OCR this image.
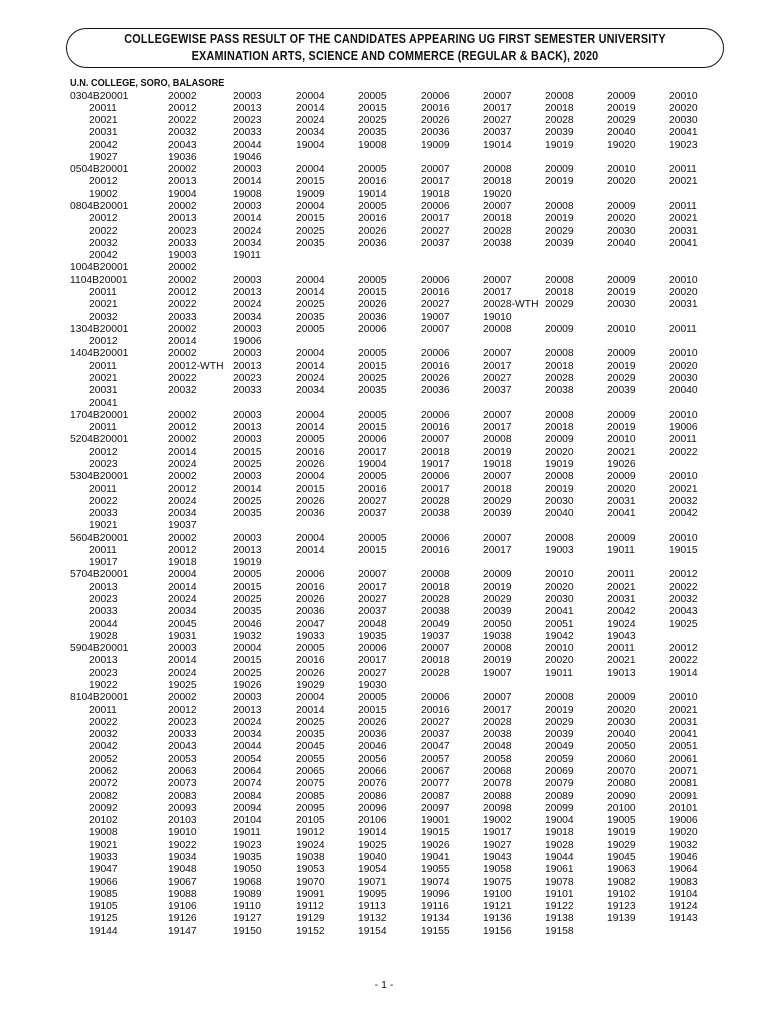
COLLEGEWISE PASS RESULT OF THE CANDIDATES APPEARING UG FIRST SEMESTER UNIVERSITY
EXAMINATION ARTS, SCIENCE AND COMMERCE (REGULAR & BACK), 2020
U.N. COLLEGE, SORO, BALASORE
0304B20001	20002	20003	20004	20005	20006	20007	20008	20009	20010
20011	20012	20013	20014	20015	20016	20017	20018	20019	20020
20021	20022	20023	20024	20025	20026	20027	20028	20029	20030
20031	20032	20033	20034	20035	20036	20037	20039	20040	20041
20042	20043	20044	19004	19008	19009	19014	19019	19020	19023
19027	19036	19046
0504B20001	20002	20003	20004	20005	20007	20008	20009	20010	20011
20012	20013	20014	20015	20016	20017	20018	20019	20020	20021
19002	19004	19008	19009	19014	19018	19020
0804B20001	20002	20003	20004	20005	20006	20007	20008	20009	20011
20012	20013	20014	20015	20016	20017	20018	20019	20020	20021
20022	20023	20024	20025	20026	20027	20028	20029	20030	20031
20032	20033	20034	20035	20036	20037	20038	20039	20040	20041
20042	19003	19011
1004B20001	20002
1104B20001	20002	20003	20004	20005	20006	20007	20008	20009	20010
20011	20012	20013	20014	20015	20016	20017	20018	20019	20020
20021	20022	20024	20025	20026	20027	20028-WTH 20029	20030	20031
20032	20033	20034	20035	20036	19007	19010
1304B20001	20002	20003	20005	20006	20007	20008	20009	20010	20011
20012	20014	19006
1404B20001	20002	20003	20004	20005	20006	20007	20008	20009	20010
20011	20012-WTH 20013	20014	20015	20016	20017	20018	20019	20020
20021	20022	20023	20024	20025	20026	20027	20028	20029	20030
20031	20032	20033	20034	20035	20036	20037	20038	20039	20040
20041
1704B20001	20002	20003	20004	20005	20006	20007	20008	20009	20010
20011	20012	20013	20014	20015	20016	20017	20018	20019	19006
5204B20001	20002	20003	20005	20006	20007	20008	20009	20010	20011
20012	20014	20015	20016	20017	20018	20019	20020	20021	20022
20023	20024	20025	20026	19004	19017	19018	19019	19026
5304B20001	20002	20003	20004	20005	20006	20007	20008	20009	20010
20011	20012	20014	20015	20016	20017	20018	20019	20020	20021
20022	20024	20025	20026	20027	20028	20029	20030	20031	20032
20033	20034	20035	20036	20037	20038	20039	20040	20041	20042
19021	19037
5604B20001	20002	20003	20004	20005	20006	20007	20008	20009	20010
20011	20012	20013	20014	20015	20016	20017	19003	19011	19015
19017	19018	19019
5704B20001	20004	20005	20006	20007	20008	20009	20010	20011	20012
20013	20014	20015	20016	20017	20018	20019	20020	20021	20022
20023	20024	20025	20026	20027	20028	20029	20030	20031	20032
20033	20034	20035	20036	20037	20038	20039	20041	20042	20043
20044	20045	20046	20047	20048	20049	20050	20051	19024	19025
19028	19031	19032	19033	19035	19037	19038	19042	19043
5904B20001	20003	20004	20005	20006	20007	20008	20010	20011	20012
20013	20014	20015	20016	20017	20018	20019	20020	20021	20022
20023	20024	20025	20026	20027	20028	19007	19011	19013	19014
19022	19025	19026	19029	19030
8104B20001	20002	20003	20004	20005	20006	20007	20008	20009	20010
20011	20012	20013	20014	20015	20016	20017	20019	20020	20021
20022	20023	20024	20025	20026	20027	20028	20029	20030	20031
20032	20033	20034	20035	20036	20037	20038	20039	20040	20041
20042	20043	20044	20045	20046	20047	20048	20049	20050	20051
20052	20053	20054	20055	20056	20057	20058	20059	20060	20061
20062	20063	20064	20065	20066	20067	20068	20069	20070	20071
20072	20073	20074	20075	20076	20077	20078	20079	20080	20081
20082	20083	20084	20085	20086	20087	20088	20089	20090	20091
20092	20093	20094	20095	20096	20097	20098	20099	20100	20101
20102	20103	20104	20105	20106	19001	19002	19004	19005	19006
19008	19010	19011	19012	19014	19015	19017	19018	19019	19020
19021	19022	19023	19024	19025	19026	19027	19028	19029	19032
19033	19034	19035	19038	19040	19041	19043	19044	19045	19046
19047	19048	19050	19053	19054	19055	19058	19061	19063	19064
19066	19067	19068	19070	19071	19074	19075	19078	19082	19083
19085	19088	19089	19091	19095	19096	19100	19101	19102	19104
19105	19106	19110	19112	19113	19116	19121	19122	19123	19124
19125	19126	19127	19129	19132	19134	19136	19138	19139	19143
19144	19147	19150	19152	19154	19155	19156	19158
- 1 -
